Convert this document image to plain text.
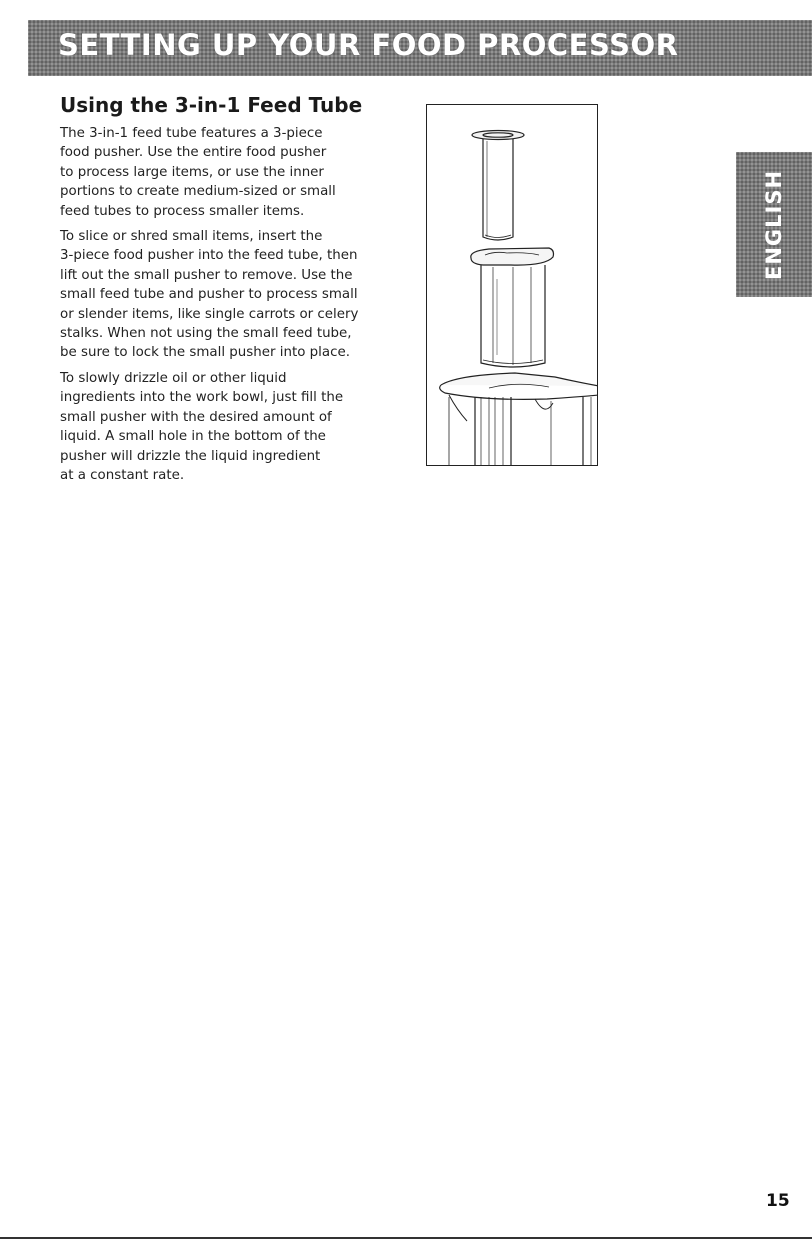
SETTING UP YOUR FOOD PROCESSOR
Using the 3-in-1 Feed Tube

The 3-in-1 feed tube features a 3-piece
food pusher. Use the entire food pusher
to process large items, or use the inner
portions to create medium-sized or small
feed tubes to process smaller items.

To slice or shred small items, insert the
3-piece food pusher into the feed tube, then
lift out the small pusher to remove. Use the
small feed tube and pusher to process small
or slender items, like single carrots or celery
stalks. When not using the small feed tube,
be sure to lock the small pusher into place.

To slowly drizzle oil or other liquid
ingredients into the work bowl, just fill the
small pusher with the desired amount of
liquid. A small hole in the bottom of the
pusher will drizzle the liquid ingredient
at a constant rate.

ENGLISH
15
